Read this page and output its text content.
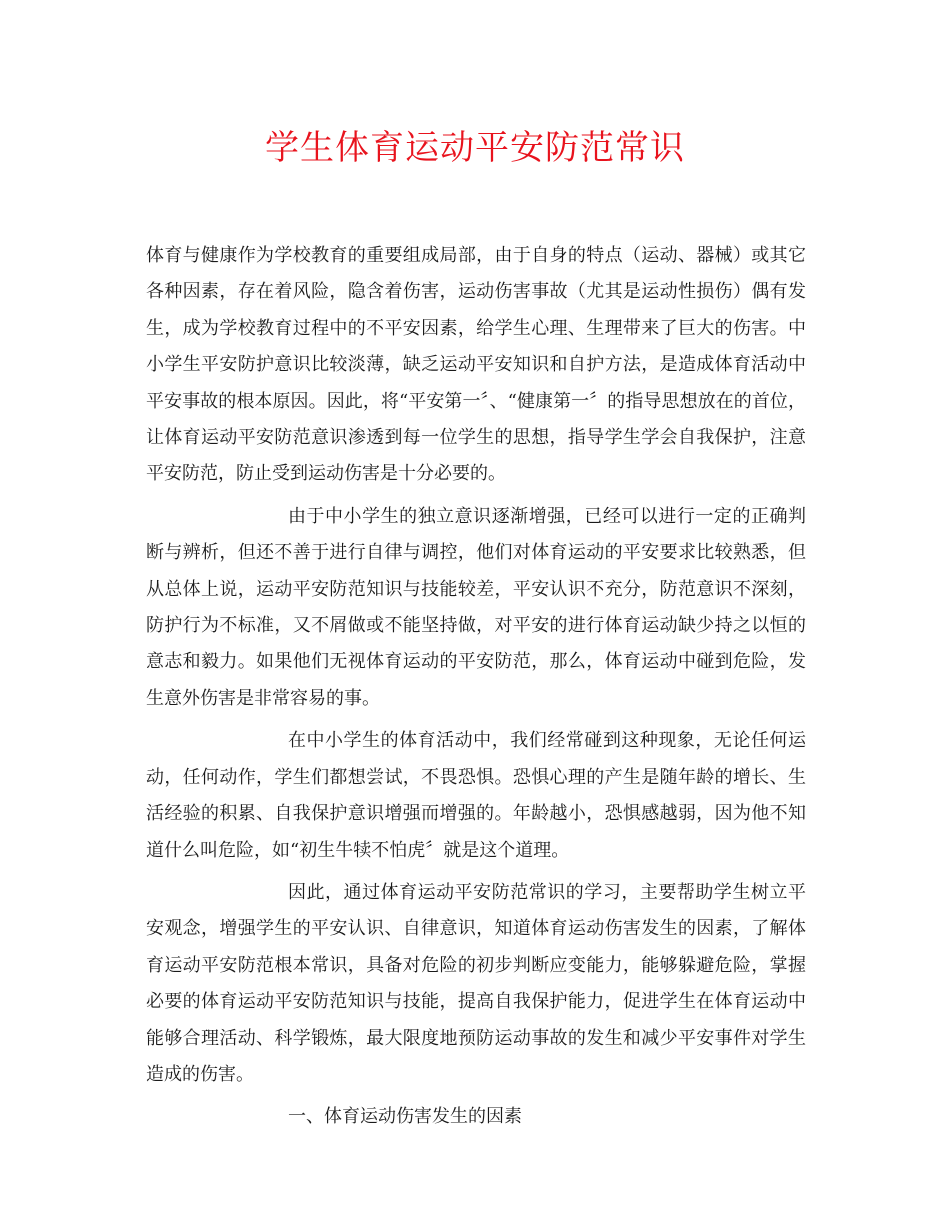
学生体育运动平安防范常识

体育与健康作为学校教育的重要组成局部，由于自身的特点（运动、器械）或其它各种因素，存在着风险，隐含着伤害，运动伤害事故（尤其是运动性损伤）偶有发生，成为学校教育过程中的不平安因素，给学生心理、生理带来了巨大的伤害。中小学生平安防护意识比较淡薄，缺乏运动平安知识和自护方法，是造成体育活动中平安事故的根本原因。因此，将“平安第一〞、“健康第一〞的指导思想放在的首位，让体育运动平安防范意识渗透到每一位学生的思想，指导学生学会自我保护，注意平安防范，防止受到运动伤害是十分必要的。

由于中小学生的独立意识逐渐增强，已经可以进行一定的正确判断与辨析，但还不善于进行自律与调控，他们对体育运动的平安要求比较熟悉，但从总体上说，运动平安防范知识与技能较差，平安认识不充分，防范意识不深刻，防护行为不标准，又不屑做或不能坚持做，对平安的进行体育运动缺少持之以恒的意志和毅力。如果他们无视体育运动的平安防范，那么，体育运动中碰到危险，发生意外伤害是非常容易的事。

在中小学生的体育活动中，我们经常碰到这种现象，无论任何运动，任何动作，学生们都想尝试，不畏恐惧。恐惧心理的产生是随年龄的增长、生活经验的积累、自我保护意识增强而增强的。年龄越小，恐惧感越弱，因为他不知道什么叫危险，如“初生牛犊不怕虎〞就是这个道理。

因此，通过体育运动平安防范常识的学习，主要帮助学生树立平安观念，增强学生的平安认识、自律意识，知道体育运动伤害发生的因素，了解体育运动平安防范根本常识，具备对危险的初步判断应变能力，能够躲避危险，掌握必要的体育运动平安防范知识与技能，提高自我保护能力，促进学生在体育运动中能够合理活动、科学锻炼，最大限度地预防运动事故的发生和减少平安事件对学生造成的伤害。

一、体育运动伤害发生的因素
